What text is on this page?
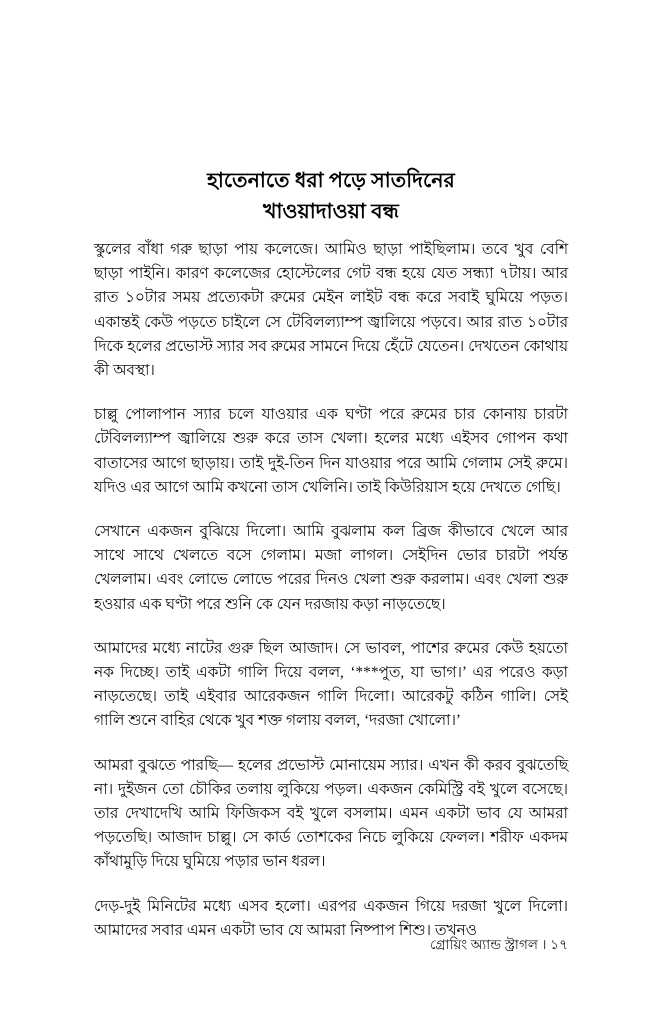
হাতেনাতে ধরা পড়ে সাতদিনের
খাওয়াদাওয়া বন্ধ

স্কুলের বাঁধা গরু ছাড়া পায় কলেজে। আমিও ছাড়া পাইছিলাম। তবে খুব বেশি ছাড়া পাইনি। কারণ কলেজের হোস্টেলের গেট বন্ধ হয়ে যেত সন্ধ্যা ৭টায়। আর রাত ১০টার সময় প্রত্যেকটা রুমের মেইন লাইট বন্ধ করে সবাই ঘুমিয়ে পড়ত। একান্তই কেউ পড়তে চাইলে সে টেবিলল্যাম্প জ্বালিয়ে পড়বে। আর রাত ১০টার দিকে হলের প্রভোস্ট স্যার সব রুমের সামনে দিয়ে হেঁটে যেতেন। দেখতেন কোথায় কী অবস্থা।

চাল্লু পোলাপান স্যার চলে যাওয়ার এক ঘণ্টা পরে রুমের চার কোনায় চারটা টেবিলল্যাম্প জ্বালিয়ে শুরু করে তাস খেলা। হলের মধ্যে এইসব গোপন কথা বাতাসের আগে ছাড়ায়। তাই দুই-তিন দিন যাওয়ার পরে আমি গেলাম সেই রুমে। যদিও এর আগে আমি কখনো তাস খেলিনি। তাই কিউরিয়াস হয়ে দেখতে গেছি।

সেখানে একজন বুঝিয়ে দিলো। আমি বুঝলাম কল ব্রিজ কীভাবে খেলে আর সাথে সাথে খেলতে বসে গেলাম। মজা লাগল। সেইদিন ভোর চারটা পর্যন্ত খেললাম। এবং লোভে লোভে পরের দিনও খেলা শুরু করলাম। এবং খেলা শুরু হওয়ার এক ঘণ্টা পরে শুনি কে যেন দরজায় কড়া নাড়তেছে।

আমাদের মধ্যে নাটের গুরু ছিল আজাদ। সে ভাবল, পাশের রুমের কেউ হয়তো নক দিচ্ছে। তাই একটা গালি দিয়ে বলল, ‘***পুত, যা ভাগ।’ এর পরেও কড়া নাড়তেছে। তাই এইবার আরেকজন গালি দিলো। আরেকটু কঠিন গালি। সেই গালি শুনে বাহির থেকে খুব শক্ত গলায় বলল, ‘দরজা খোলো।’

আমরা বুঝতে পারছি— হলের প্রভোস্ট মোনায়েম স্যার। এখন কী করব বুঝতেছি না। দুইজন তো চৌকির তলায় লুকিয়ে পড়ল। একজন কেমিস্ট্রি বই খুলে বসেছে। তার দেখাদেখি আমি ফিজিকস বই খুলে বসলাম। এমন একটা ভাব যে আমরা পড়তেছি। আজাদ চাল্লু। সে কার্ড তোশকের নিচে লুকিয়ে ফেলল। শরীফ একদম কাঁথামুড়ি দিয়ে ঘুমিয়ে পড়ার ভান ধরল।

দেড়-দুই মিনিটের মধ্যে এসব হলো। এরপর একজন গিয়ে দরজা খুলে দিলো। আমাদের সবার এমন একটা ভাব যে আমরা নিষ্পাপ শিশু। তখনও

গ্রোয়িং অ্যান্ড স্ট্রাগল । ১৭
